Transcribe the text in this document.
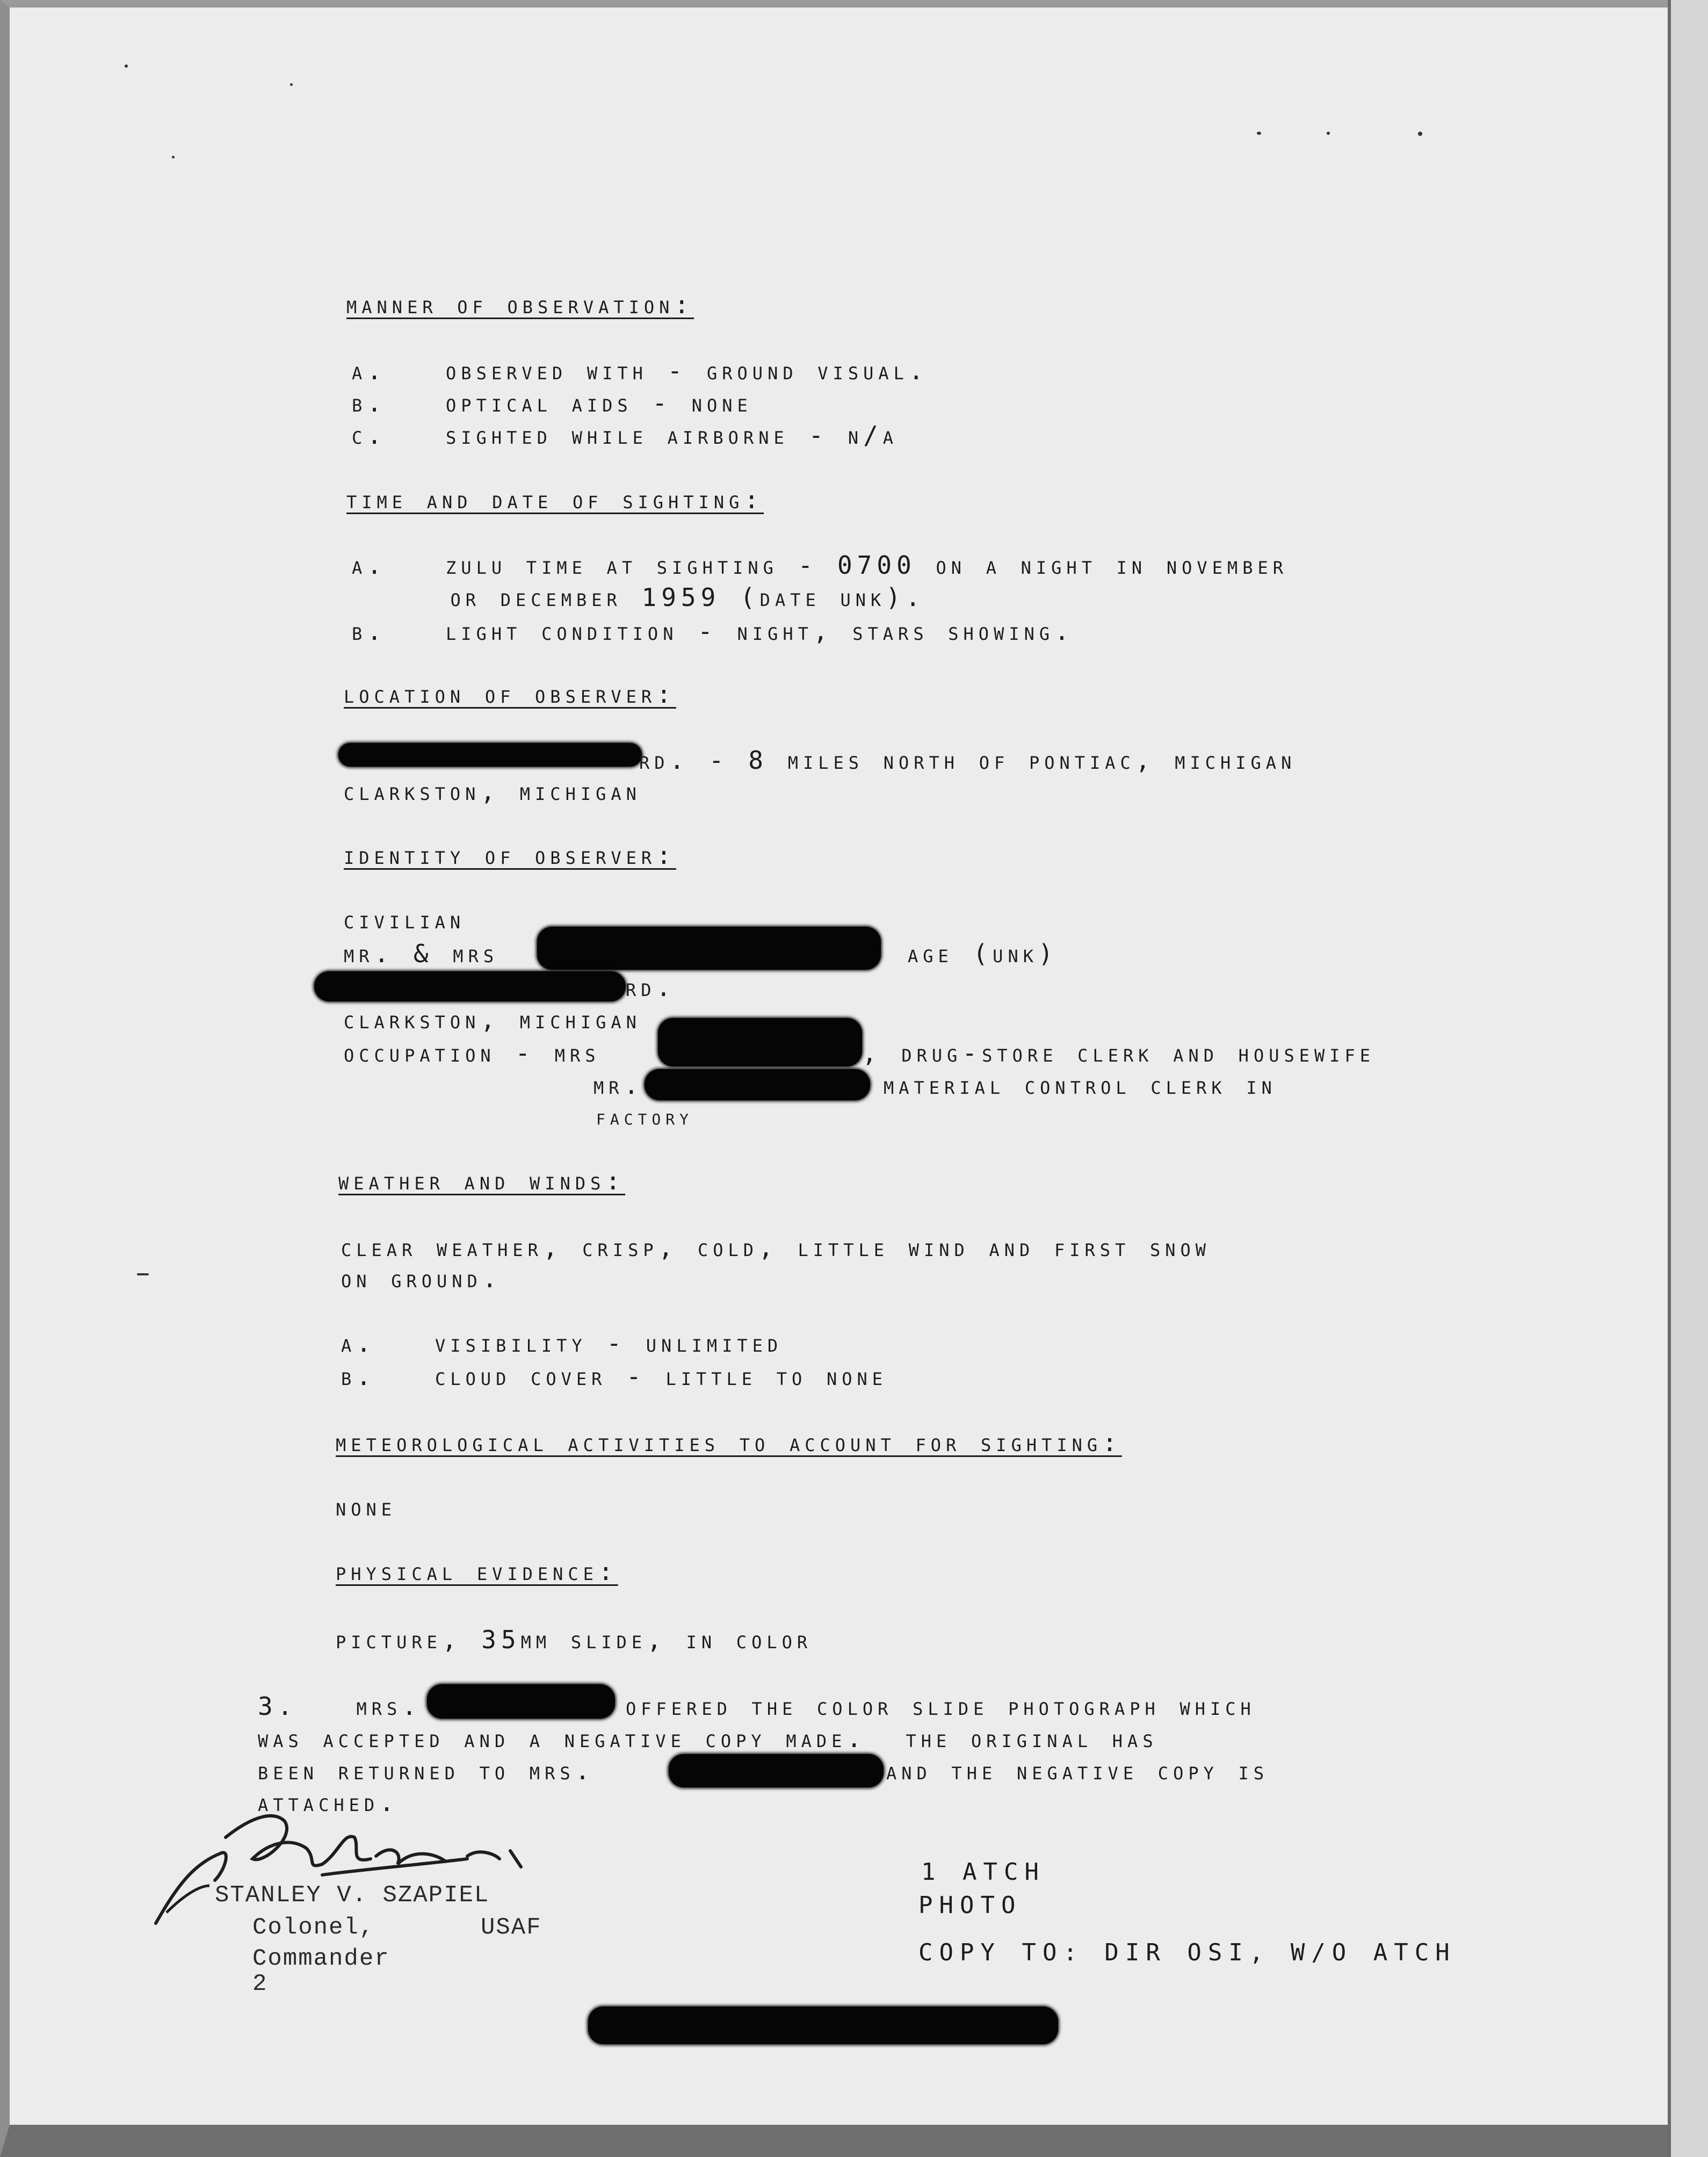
manner of observation:
a.   observed with - ground visual.
b.   optical aids - none
c.   sighted while airborne - n/a
time and date of sighting:
a.   zulu time at sighting - 0700 on a night in november
or december 1959 (date unk).
b.   light condition - night, stars showing.
location of observer:
rd. - 8 miles north of pontiac, michigan
clarkston, michigan
identity of observer:
civilian
mr. & mrs	age (unk)
rd.
clarkston, michigan
occupation - mrs	, drug-store clerk and housewife
mr.	material control clerk in
factory
weather and winds:
clear weather, crisp, cold, little wind and first snow
on ground.
a.   visibility - unlimited
b.   cloud cover - little to none
meteorological activities to account for sighting:
none
physical evidence:
picture, 35mm slide, in color
3.   mrs.	offered the color slide photograph which
was accepted and a negative copy made.  the original has
been returned to mrs.	and the negative copy is
attached.
STANLEY V. SZAPIEL
Colonel,	USAF
Commander
2
1 ATCH
PHOTO
COPY TO: DIR OSI, W/O ATCH
